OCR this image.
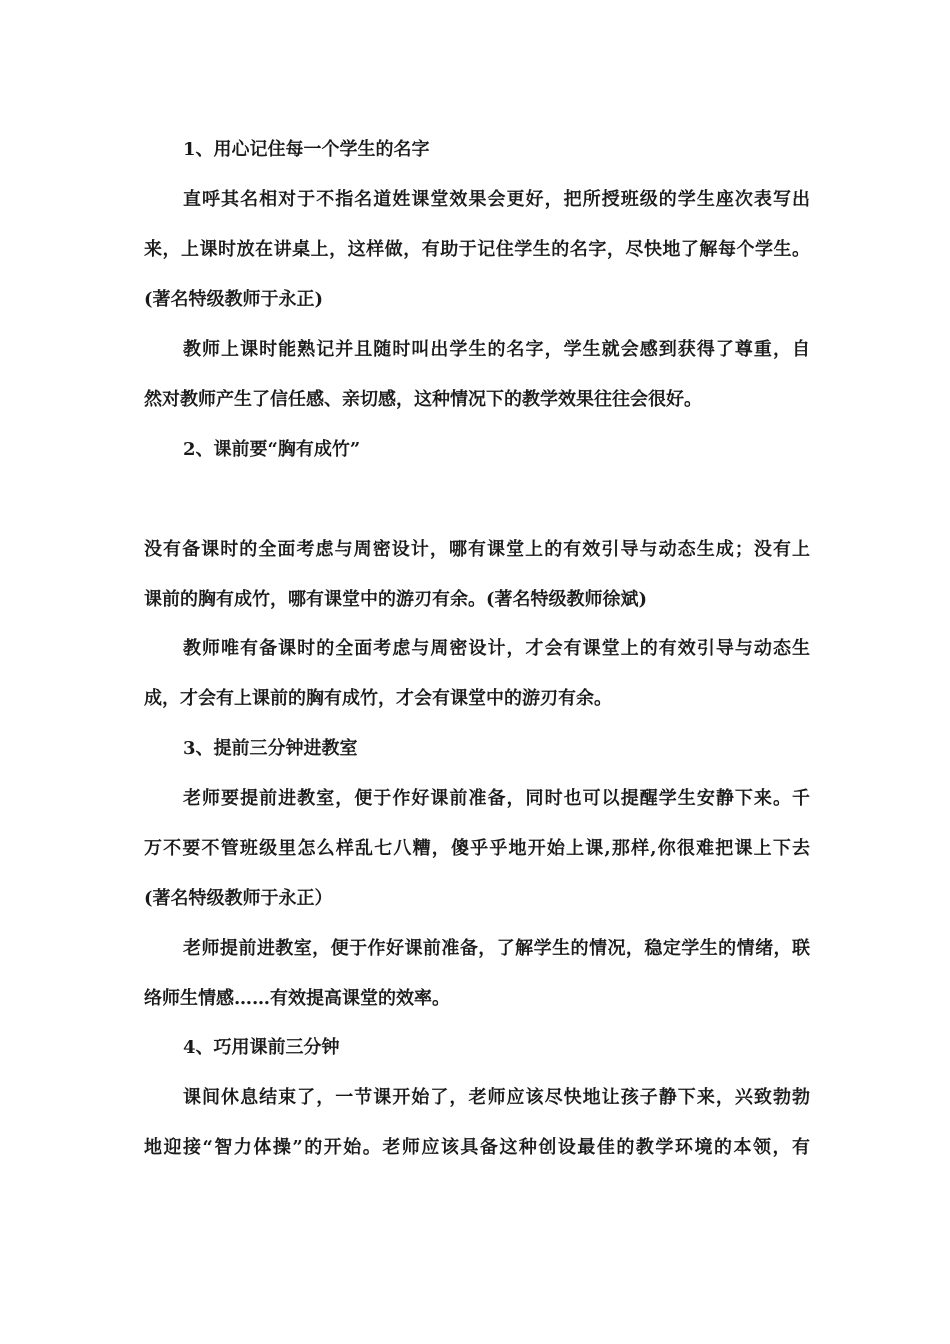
1、用心记住每一个学生的名字
直呼其名相对于不指名道姓课堂效果会更好，把所授班级的学生座次表写出
来，上课时放在讲桌上，这样做，有助于记住学生的名字，尽快地了解每个学生。
(著名特级教师于永正)
教师上课时能熟记并且随时叫出学生的名字，学生就会感到获得了尊重，自
然对教师产生了信任感、亲切感，这种情况下的教学效果往往会很好。
2、课前要“胸有成竹”
没有备课时的全面考虑与周密设计，哪有课堂上的有效引导与动态生成；没有上
课前的胸有成竹，哪有课堂中的游刃有余。(著名特级教师徐斌)
教师唯有备课时的全面考虑与周密设计，才会有课堂上的有效引导与动态生
成，才会有上课前的胸有成竹，才会有课堂中的游刃有余。
3、提前三分钟进教室
老师要提前进教室，便于作好课前准备，同时也可以提醒学生安静下来。千
万不要不管班级里怎么样乱七八糟，傻乎乎地开始上课,那样,你很难把课上下去
(著名特级教师于永正）
老师提前进教室，便于作好课前准备，了解学生的情况，稳定学生的情绪，联
络师生情感……有效提高课堂的效率。
4、巧用课前三分钟
课间休息结束了，一节课开始了，老师应该尽快地让孩子静下来，兴致勃勃
地迎接“智力体操”的开始。老师应该具备这种创设最佳的教学环境的本领，有
